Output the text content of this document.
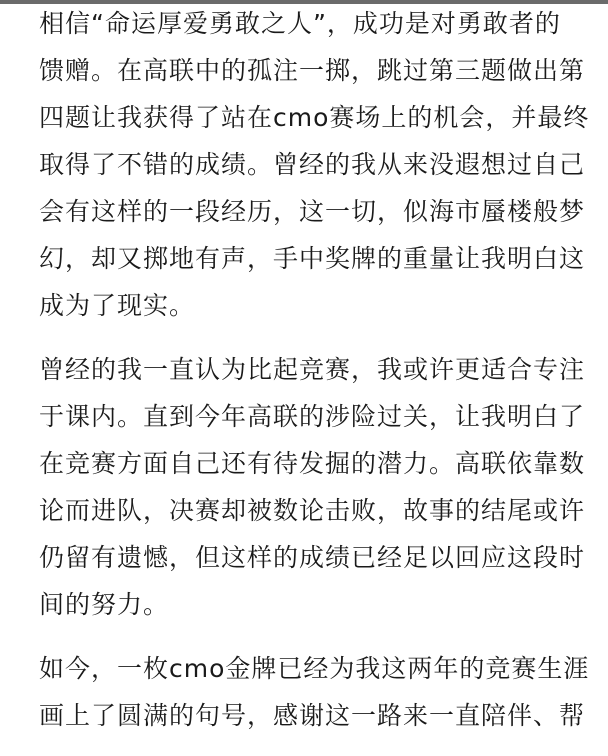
相信“命运厚爱勇敢之人”，成功是对勇敢者的
馈赠。在高联中的孤注一掷，跳过第三题做出第
四题让我获得了站在cmo赛场上的机会，并最终
取得了不错的成绩。曾经的我从来没遐想过自己
会有这样的一段经历，这一切，似海市蜃楼般梦
幻，却又掷地有声，手中奖牌的重量让我明白这
成为了现实。
曾经的我一直认为比起竞赛，我或许更适合专注
于课内。直到今年高联的涉险过关，让我明白了
在竞赛方面自己还有待发掘的潜力。高联依靠数
论而进队，决赛却被数论击败，故事的结尾或许
仍留有遗憾，但这样的成绩已经足以回应这段时
间的努力。
如今，一枚cmo金牌已经为我这两年的竞赛生涯
画上了圆满的句号，感谢这一路来一直陪伴、帮
